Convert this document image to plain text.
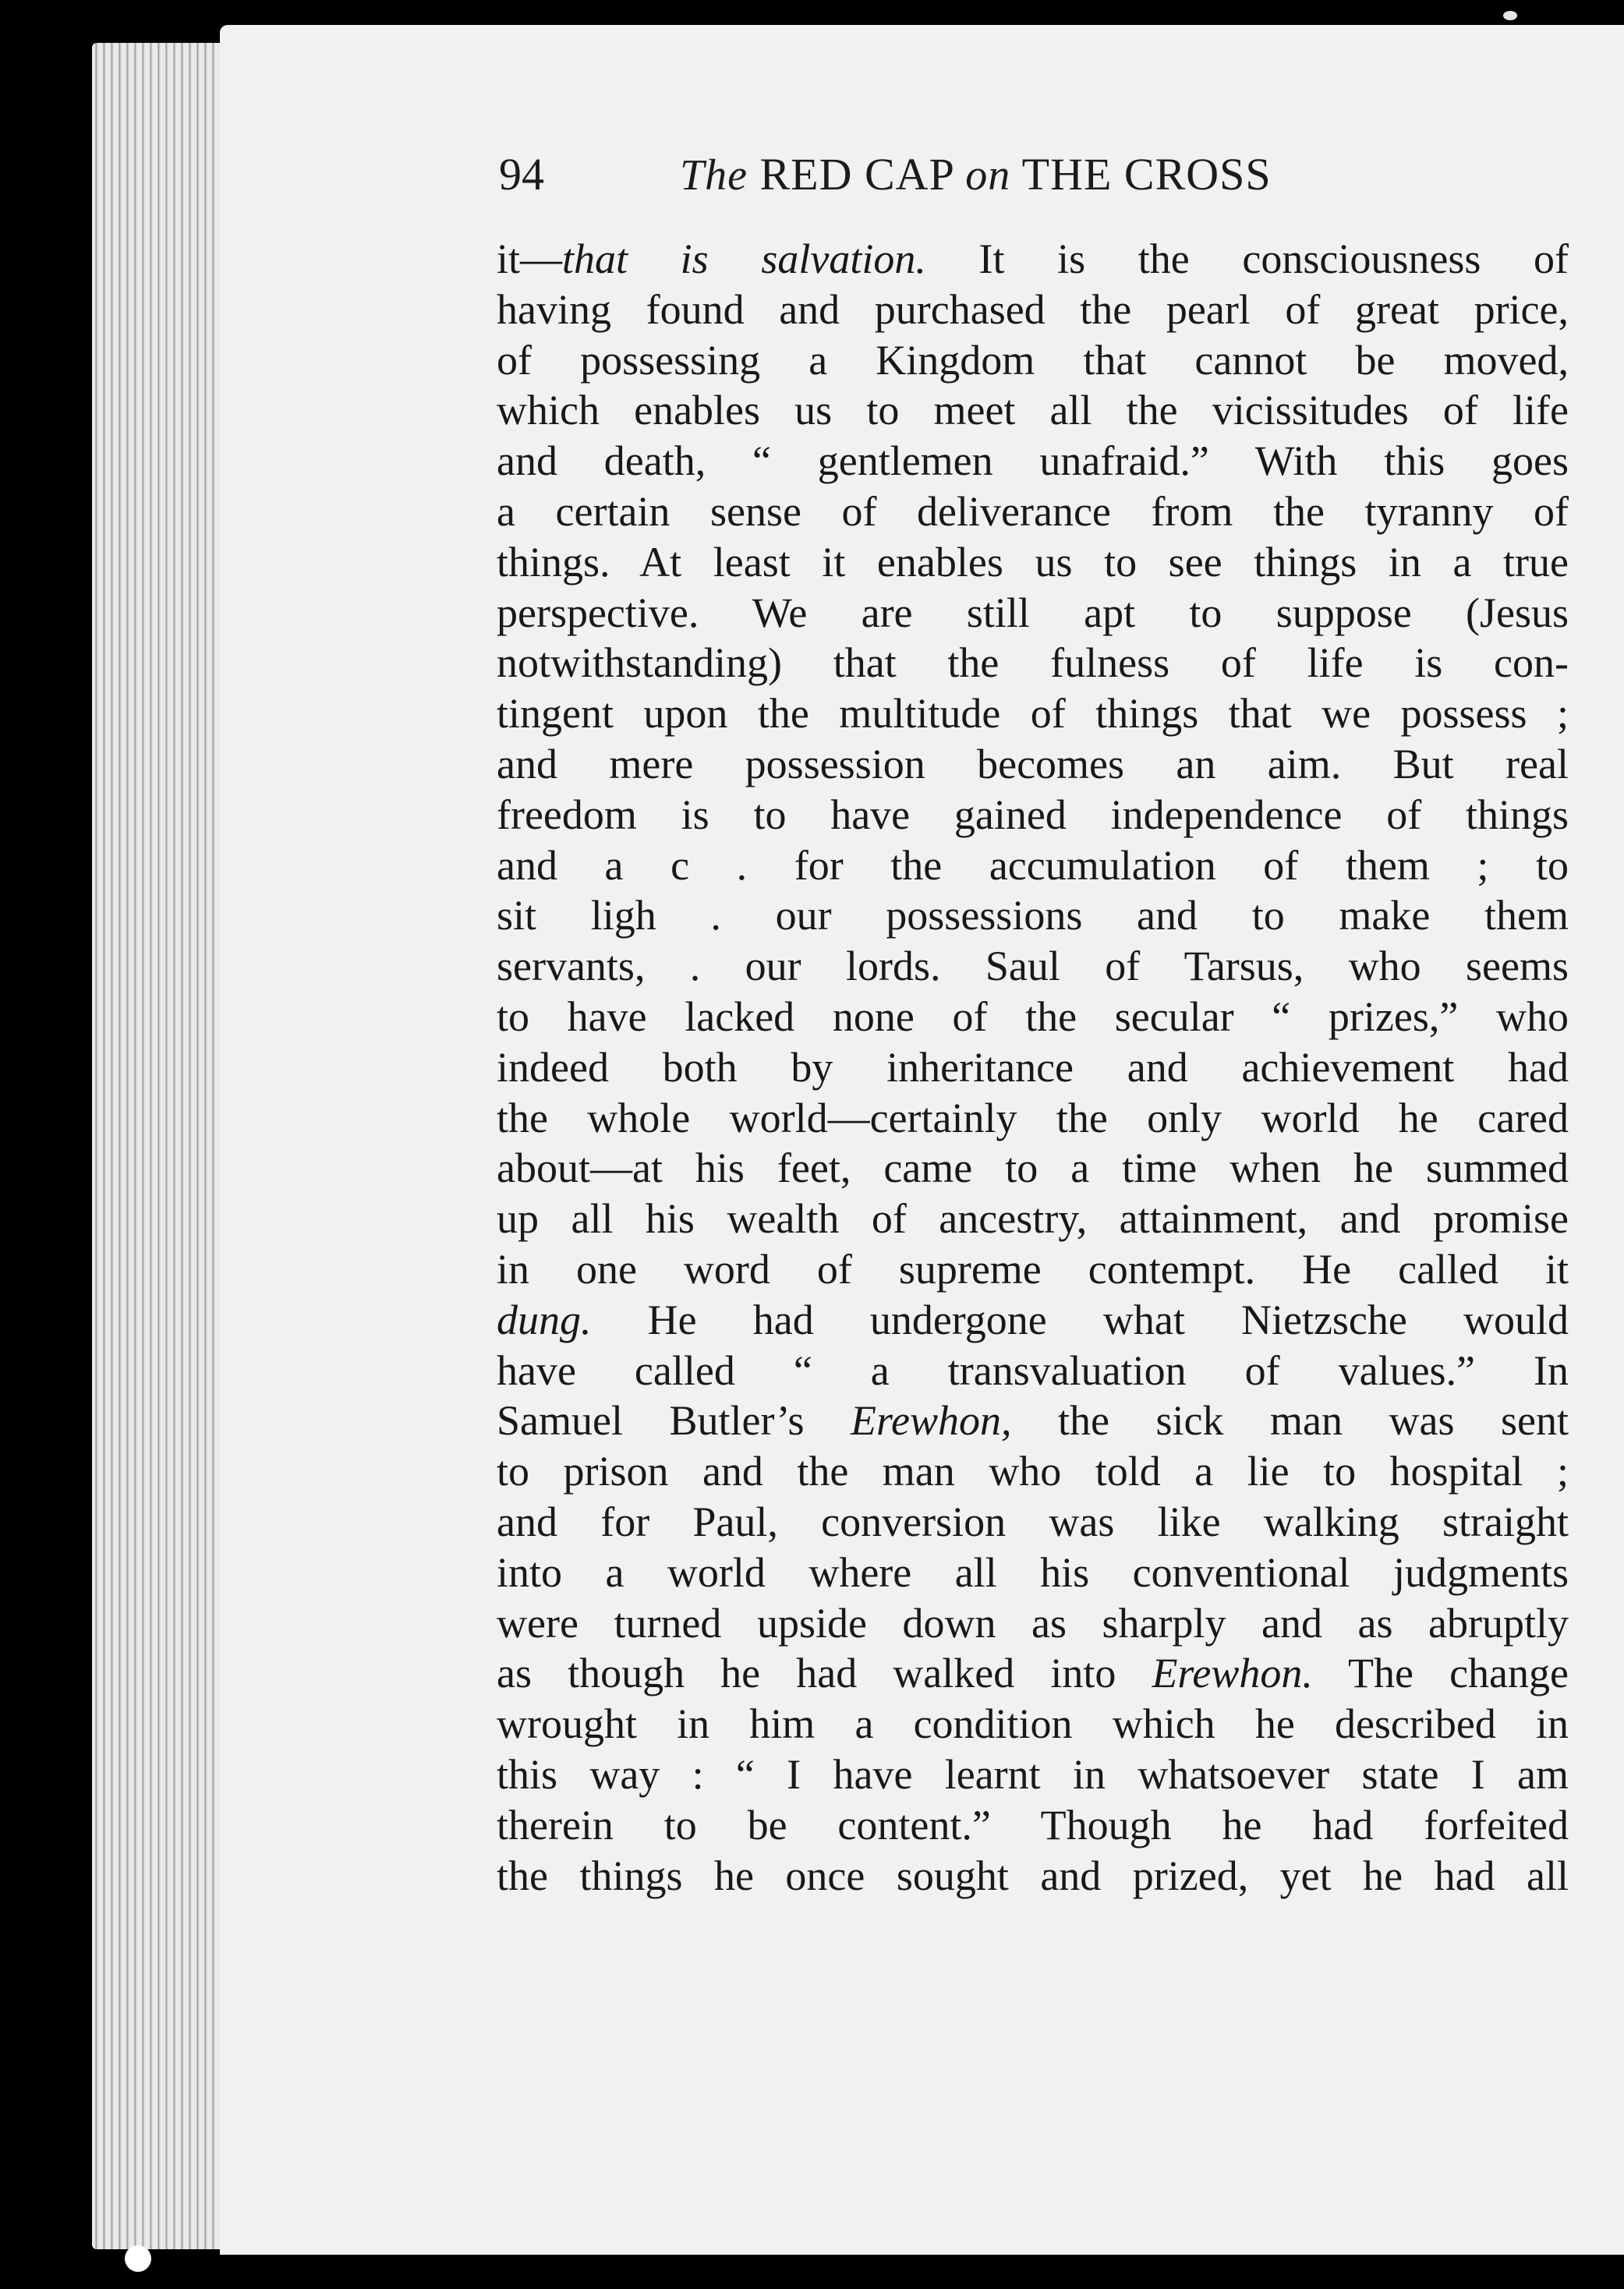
94	The RED CAP on THE CROSS
it—that is salvation. It is the consciousness of
having found and purchased the pearl of great price,
of possessing a Kingdom that cannot be moved,
which enables us to meet all the vicissitudes of life
and death, “ gentlemen unafraid.” With this goes
a certain sense of deliverance from the tyranny of
things. At least it enables us to see things in a true
perspective. We are still apt to suppose (Jesus
notwithstanding) that the fulness of life is con-
tingent upon the multitude of things that we possess ;
and mere possession becomes an aim. But real
freedom is to have gained independence of things
and a c . for the accumulation of them ; to
sit ligh . our possessions and to make them
servants, . our lords. Saul of Tarsus, who seems
to have lacked none of the secular “ prizes,” who
indeed both by inheritance and achievement had
the whole world—certainly the only world he cared
about—at his feet, came to a time when he summed
up all his wealth of ancestry, attainment, and promise
in one word of supreme contempt. He called it
dung. He had undergone what Nietzsche would
have called “ a transvaluation of values.” In
Samuel Butler’s Erewhon, the sick man was sent
to prison and the man who told a lie to hospital ;
and for Paul, conversion was like walking straight
into a world where all his conventional judgments
were turned upside down as sharply and as abruptly
as though he had walked into Erewhon. The change
wrought in him a condition which he described in
this way : “ I have learnt in whatsoever state I am
therein to be content.” Though he had forfeited
the things he once sought and prized, yet he had all
